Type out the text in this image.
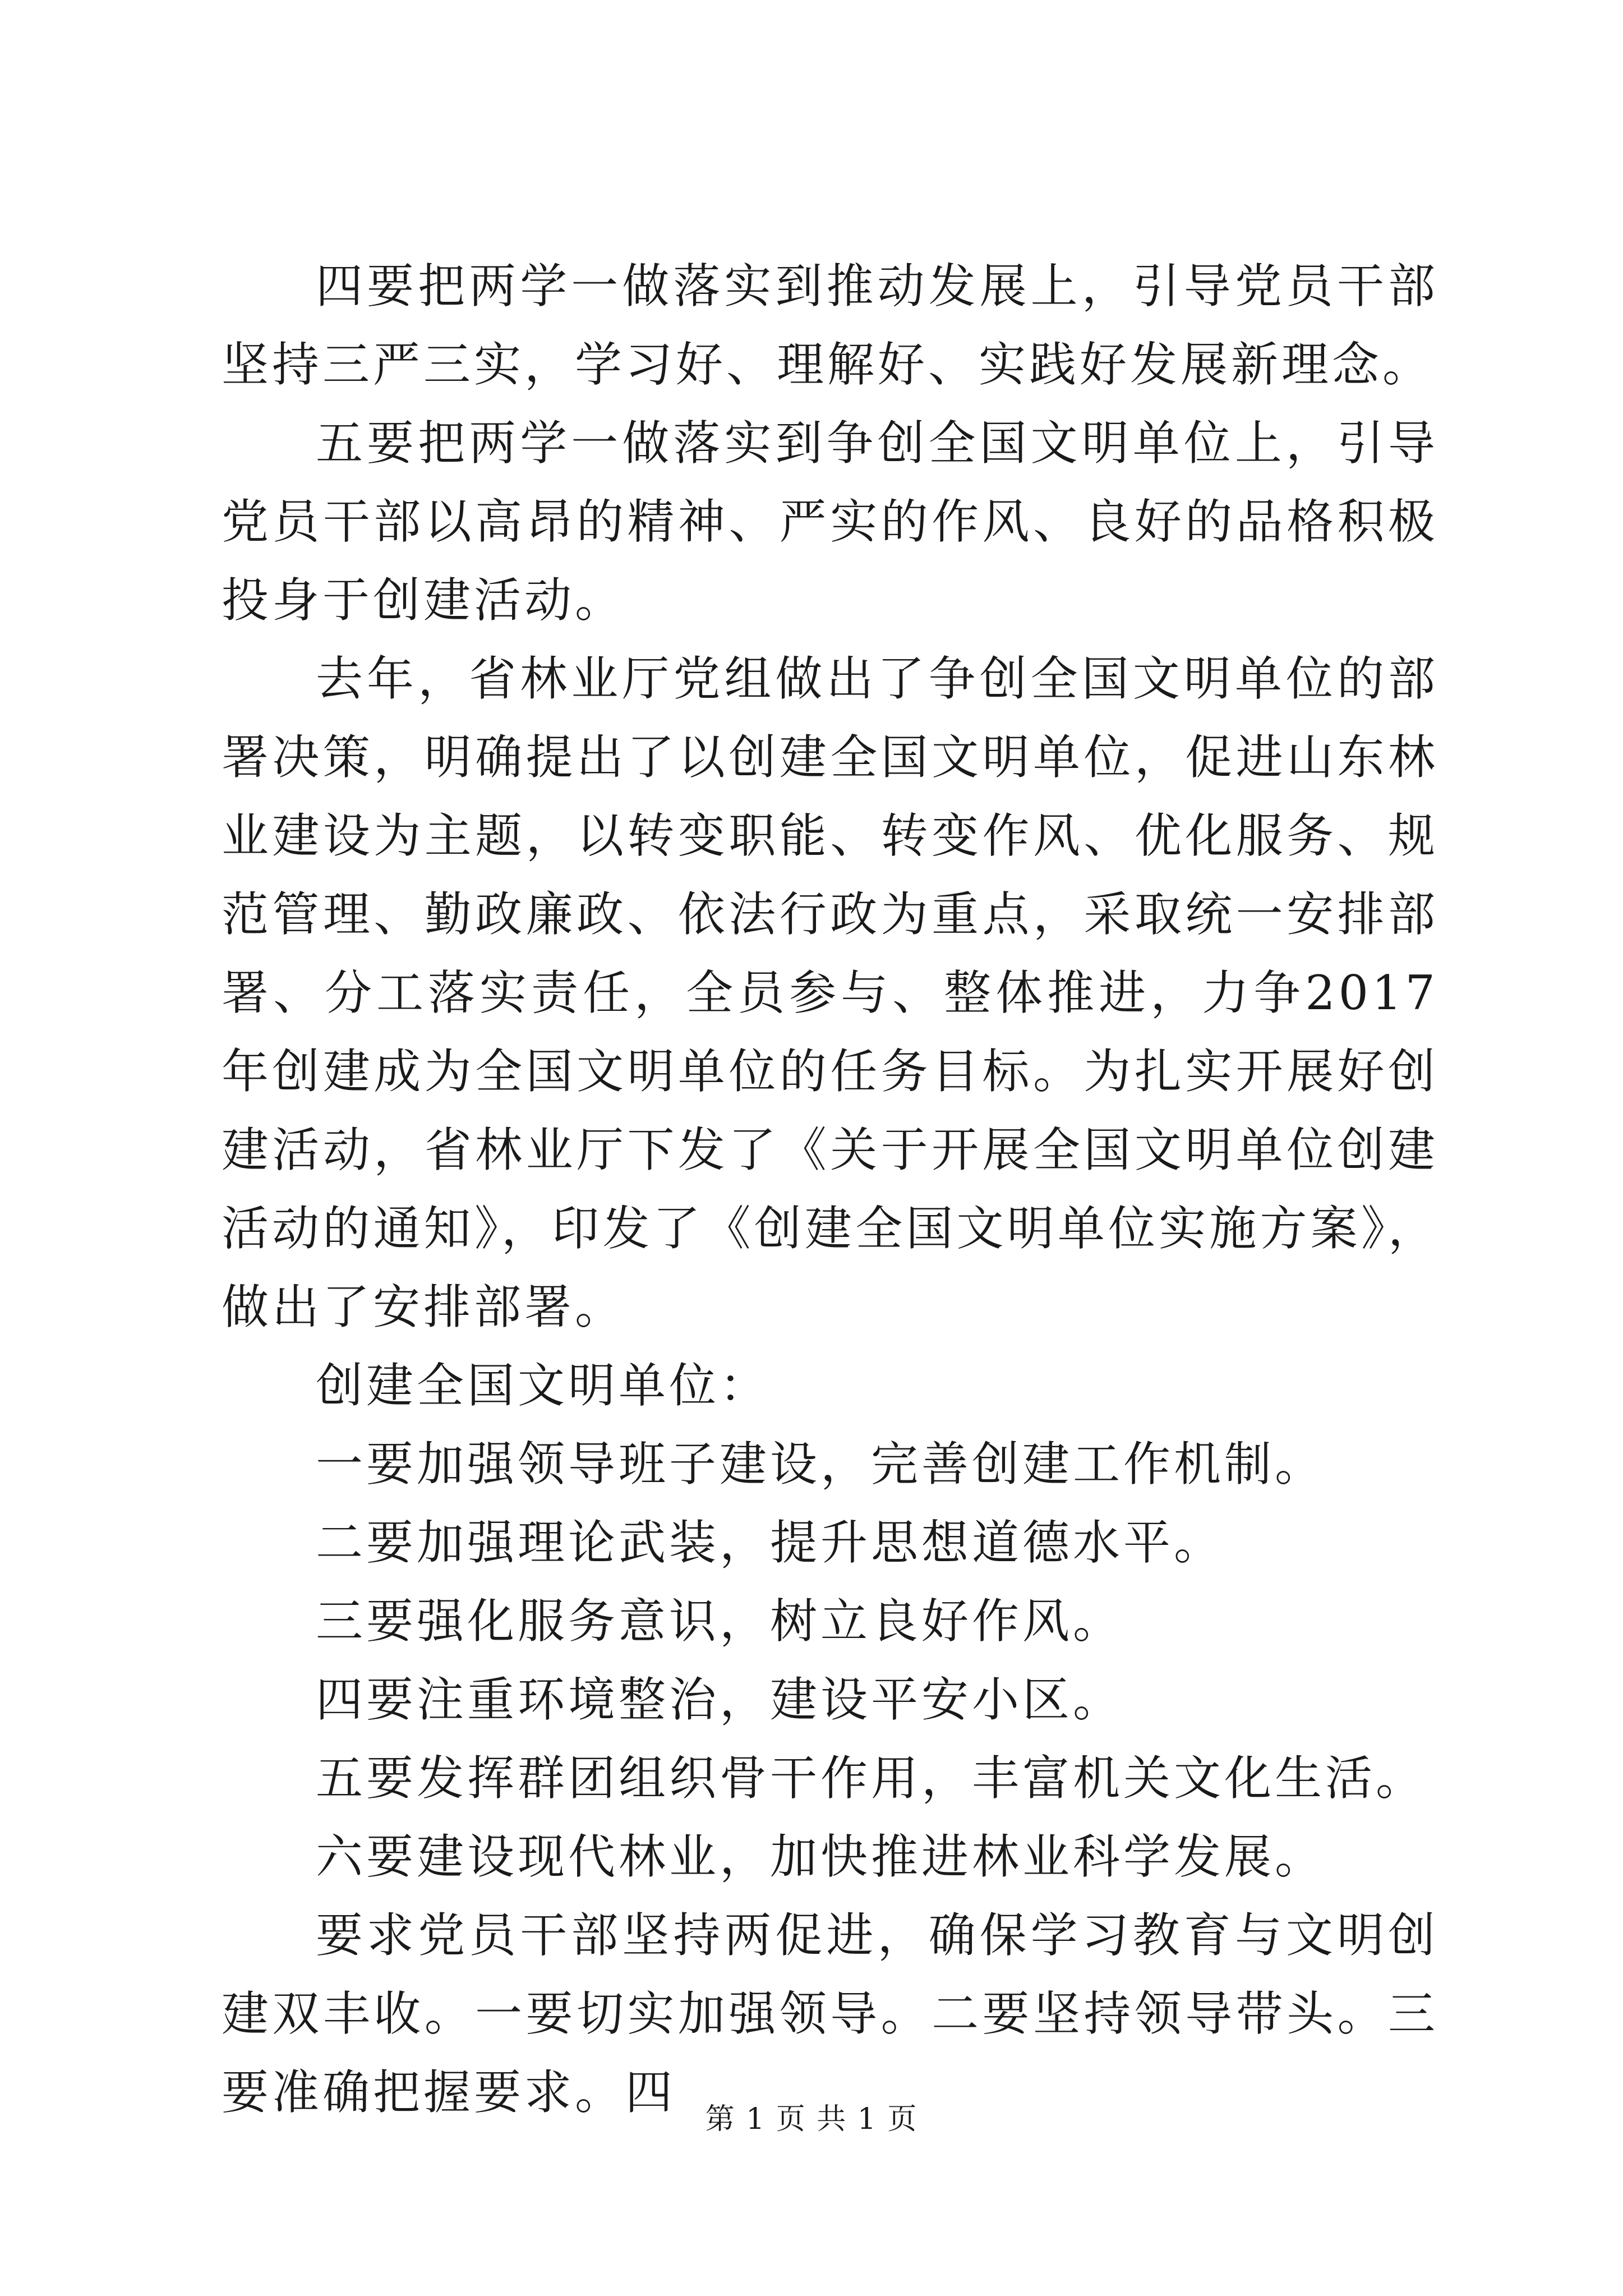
四要把两学一做落实到推动发展上，引导党员干部坚持三严三实，学习好、理解好、实践好发展新理念。

五要把两学一做落实到争创全国文明单位上，引导党员干部以高昂的精神、严实的作风、良好的品格积极投身于创建活动。

去年，省林业厅党组做出了争创全国文明单位的部署决策，明确提出了以创建全国文明单位，促进山东林业建设为主题，以转变职能、转变作风、优化服务、规范管理、勤政廉政、依法行政为重点，采取统一安排部署、分工落实责任，全员参与、整体推进，力争2017年创建成为全国文明单位的任务目标。为扎实开展好创建活动，省林业厅下发了《关于开展全国文明单位创建活动的通知》，印发了《创建全国文明单位实施方案》，做出了安排部署。

创建全国文明单位：

一要加强领导班子建设，完善创建工作机制。

二要加强理论武装，提升思想道德水平。

三要强化服务意识，树立良好作风。

四要注重环境整治，建设平安小区。

五要发挥群团组织骨干作用，丰富机关文化生活。

六要建设现代林业，加快推进林业科学发展。

要求党员干部坚持两促进，确保学习教育与文明创建双丰收。一要切实加强领导。二要坚持领导带头。三要准确把握要求。四	第 1 页 共 1 页
